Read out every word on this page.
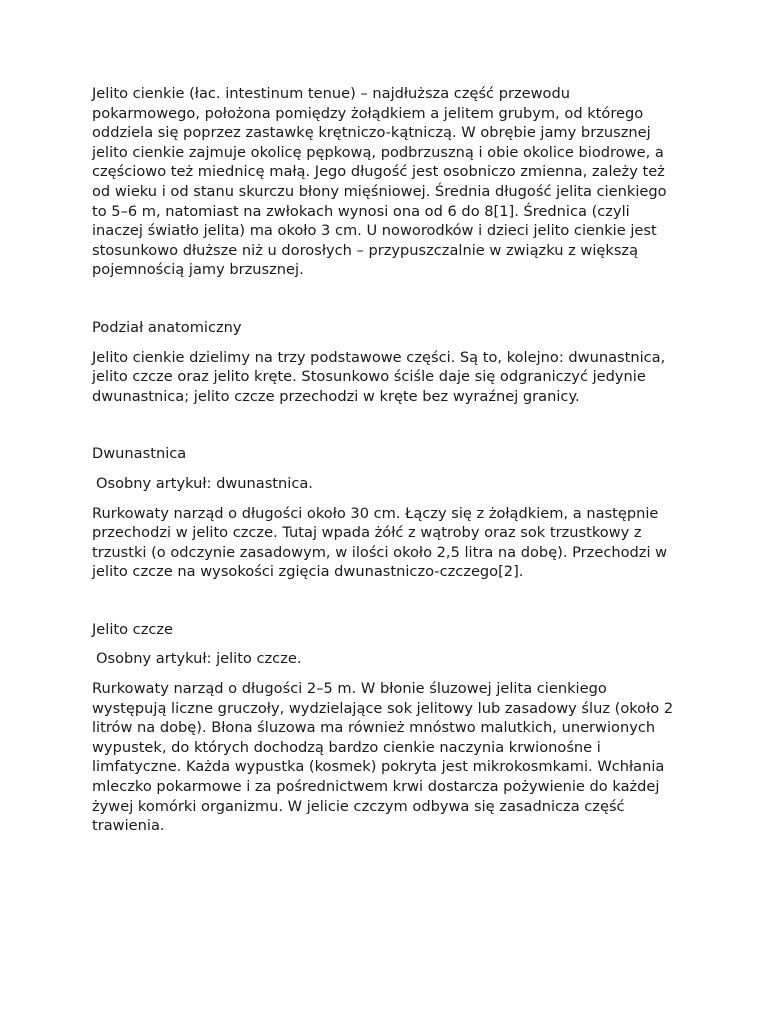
Jelito cienkie (łac. intestinum tenue) – najdłuższa część przewodu pokarmowego, położona pomiędzy żołądkiem a jelitem grubym, od którego oddziela się poprzez zastawkę krętniczo-kątniczą. W obrębie jamy brzusznej jelito cienkie zajmuje okolicę pępkową, podbrzuszną i obie okolice biodrowe, a częściowo też miednicę małą. Jego długość jest osobniczo zmienna, zależy też od wieku i od stanu skurczu błony mięśniowej. Średnia długość jelita cienkiego to 5–6 m, natomiast na zwłokach wynosi ona od 6 do 8[1]. Średnica (czyli inaczej światło jelita) ma około 3 cm. U noworodków i dzieci jelito cienkie jest stosunkowo dłuższe niż u dorosłych – przypuszczalnie w związku z większą pojemnością jamy brzusznej.

Podział anatomiczny

Jelito cienkie dzielimy na trzy podstawowe części. Są to, kolejno: dwunastnica, jelito czcze oraz jelito kręte. Stosunkowo ściśle daje się odgraniczyć jedynie dwunastnica; jelito czcze przechodzi w kręte bez wyraźnej granicy.

Dwunastnica

Osobny artykuł: dwunastnica.

Rurkowaty narząd o długości około 30 cm. Łączy się z żołądkiem, a następnie przechodzi w jelito czcze. Tutaj wpada żółć z wątroby oraz sok trzustkowy z trzustki (o odczynie zasadowym, w ilości około 2,5 litra na dobę). Przechodzi w jelito czcze na wysokości zgięcia dwunastniczo-czczego[2].

Jelito czcze

Osobny artykuł: jelito czcze.

Rurkowaty narząd o długości 2–5 m. W błonie śluzowej jelita cienkiego występują liczne gruczoły, wydzielające sok jelitowy lub zasadowy śluz (około 2 litrów na dobę). Błona śluzowa ma również mnóstwo malutkich, unerwionych wypustek, do których dochodzą bardzo cienkie naczynia krwionośne i limfatyczne. Każda wypustka (kosmek) pokryta jest mikrokosmkami. Wchłania mleczko pokarmowe i za pośrednictwem krwi dostarcza pożywienie do każdej żywej komórki organizmu. W jelicie czczym odbywa się zasadnicza część trawienia.
